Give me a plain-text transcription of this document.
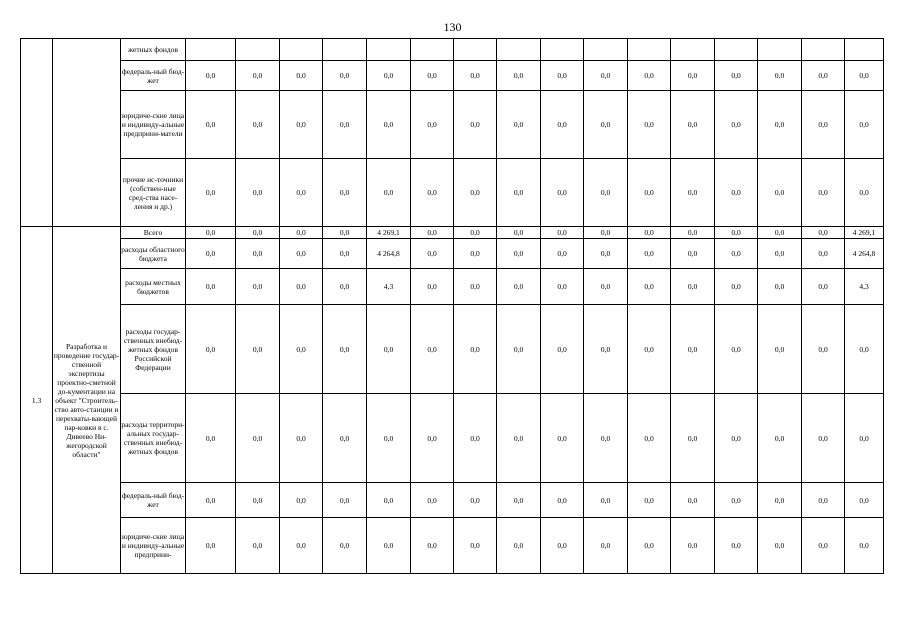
130
		жетных фондов																
		федераль-ный бюд-жет	0,0	0,0	0,0	0,0	0,0	0,0	0,0	0,0	0,0	0,0	0,0	0,0	0,0	0,0	0,0	0,0
		юридиче-ские лица и индивиду-альные предприни-матели	0,0	0,0	0,0	0,0	0,0	0,0	0,0	0,0	0,0	0,0	0,0	0,0	0,0	0,0	0,0	0,0
		прочие ис-точники (собствен-ные сред-ства насе-ления и др.)	0,0	0,0	0,0	0,0	0,0	0,0	0,0	0,0	0,0	0,0	0,0	0,0	0,0	0,0	0,0	0,0
1.3	Разработка и проведение государ-ственной экспертизы проектно-сметной до-кументации на объект "Строитель-ство авто-станции и перехваты-вающей пар-ковки в с. Дивеево Ни-жегородской области"	Всего	0,0	0,0	0,0	0,0	4 269,1	0,0	0,0	0,0	0,0	0,0	0,0	0,0	0,0	0,0	0,0	4 269,1
		расходы областного бюджета	0,0	0,0	0,0	0,0	4 264,8	0,0	0,0	0,0	0,0	0,0	0,0	0,0	0,0	0,0	0,0	4 264,8
		расходы местных бюджетов	0,0	0,0	0,0	0,0	4,3	0,0	0,0	0,0	0,0	0,0	0,0	0,0	0,0	0,0	0,0	4,3
		расходы государ-ственных внебюд-жетных фондов Российской Федерации	0,0	0,0	0,0	0,0	0,0	0,0	0,0	0,0	0,0	0,0	0,0	0,0	0,0	0,0	0,0	0,0
		расходы территори-альных государ-ственных внебюд-жетных фондов	0,0	0,0	0,0	0,0	0,0	0,0	0,0	0,0	0,0	0,0	0,0	0,0	0,0	0,0	0,0	0,0
		федераль-ный бюд-жет	0,0	0,0	0,0	0,0	0,0	0,0	0,0	0,0	0,0	0,0	0,0	0,0	0,0	0,0	0,0	0,0
		юридиче-ские лица и индивиду-альные предприни-	0,0	0,0	0,0	0,0	0,0	0,0	0,0	0,0	0,0	0,0	0,0	0,0	0,0	0,0	0,0	0,0
